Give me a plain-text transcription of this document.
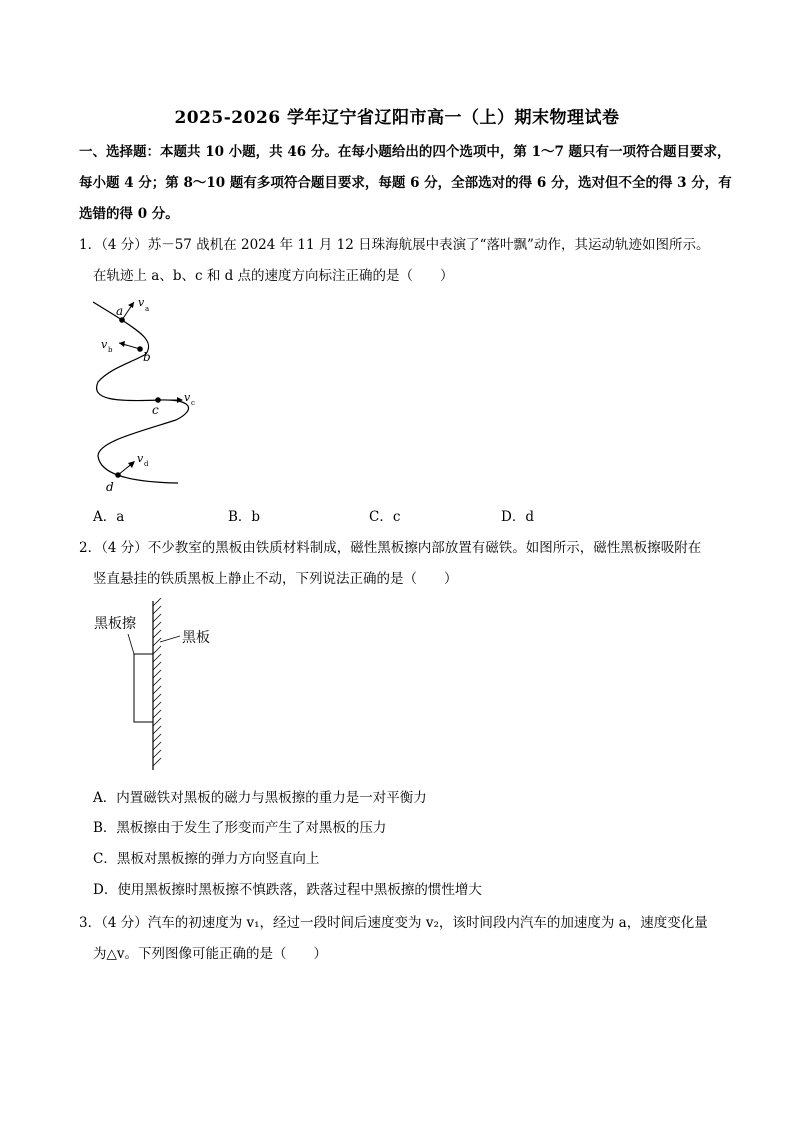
2025-2026 学年辽宁省辽阳市高一（上）期末物理试卷
一、选择题：本题共 10 小题，共 46 分。在每小题给出的四个选项中，第 1～7 题只有一项符合题目要求，
每小题 4 分；第 8～10 题有多项符合题目要求，每题 6 分，全部选对的得 6 分，选对但不全的得 3 分，有
选错的得 0 分。
1．（4 分）苏－57 战机在 2024 年 11 月 12 日珠海航展中表演了“落叶飘”动作，其运动轨迹如图所示。
在轨迹上 a、b、c 和 d 点的速度方向标注正确的是（　　）
a
v a
b
v b
c
v c
d
v d
A．a	B．b	C．c	D．d
2．（4 分）不少教室的黑板由铁质材料制成，磁性黑板擦内部放置有磁铁。如图所示，磁性黑板擦吸附在
竖直悬挂的铁质黑板上静止不动，下列说法正确的是（　　）
黑板擦
黑板
A．内置磁铁对黑板的磁力与黑板擦的重力是一对平衡力
B．黑板擦由于发生了形变而产生了对黑板的压力
C．黑板对黑板擦的弹力方向竖直向上
D．使用黑板擦时黑板擦不慎跌落，跌落过程中黑板擦的惯性增大
3．（4 分）汽车的初速度为 v₁，经过一段时间后速度变为 v₂，该时间段内汽车的加速度为 a，速度变化量
为△v。下列图像可能正确的是（　　）
